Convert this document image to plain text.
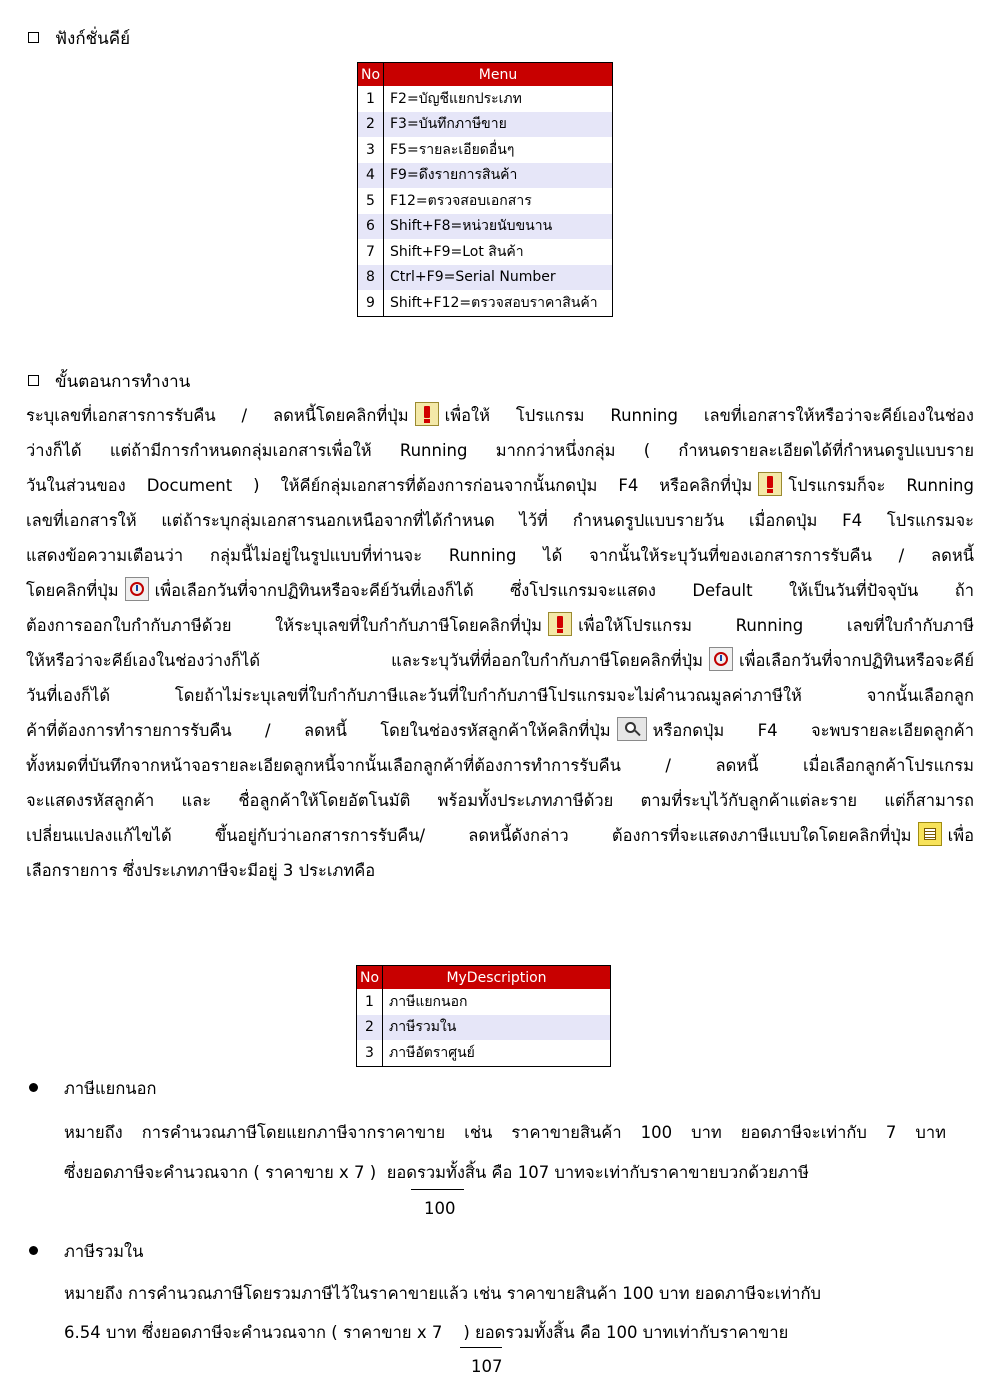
ฟังก์ชั่นคีย์
No	Menu
1	F2=บัญชีแยกประเภท
2	F3=บันทึกภาษีขาย
3	F5=รายละเอียดอื่นๆ
4	F9=ดึงรายการสินค้า
5	F12=ตรวจสอบเอกสาร
6	Shift+F8=หน่วยนับขนาน
7	Shift+F9=Lot สินค้า
8	Ctrl+F9=Serial Number
9	Shift+F12=ตรวจสอบราคาสินค้า
ขั้นตอนการทำงาน
ระบุเลขที่เอกสารการรับคืน / ลดหนี้โดยคลิกที่ปุ่ม เพื่อให้ โปรแกรม Running เลขที่เอกสารให้หรือว่าจะคีย์เองในช่อง
ว่างก็ได้ แต่ถ้ามีการกำหนดกลุ่มเอกสารเพื่อให้ Running มากกว่าหนึ่งกลุ่ม ( กำหนดรายละเอียดได้ที่กำหนดรูปแบบราย
วันในส่วนของ Document ) ให้คีย์กลุ่มเอกสารที่ต้องการก่อนจากนั้นกดปุ่ม F4 หรือคลิกที่ปุ่ม โปรแกรมก็จะ Running
เลขที่เอกสารให้ แต่ถ้าระบุกลุ่มเอกสารนอกเหนือจากที่ได้กำหนด ไว้ที่ กำหนดรูปแบบรายวัน เมื่อกดปุ่ม F4 โปรแกรมจะ
แสดงข้อความเตือนว่า กลุ่มนี้ไม่อยู่ในรูปแบบที่ท่านจะ Running ได้ จากนั้นให้ระบุวันที่ของเอกสารการรับคืน / ลดหนี้
โดยคลิกที่ปุ่ม เพื่อเลือกวันที่จากปฏิทินหรือจะคีย์วันที่เองก็ได้ ซึ่งโปรแกรมจะแสดง Default ให้เป็นวันที่ปัจจุบัน ถ้า
ต้องการออกใบกำกับภาษีด้วย ให้ระบุเลขที่ใบกำกับภาษีโดยคลิกที่ปุ่ม เพื่อให้โปรแกรม Running เลขที่ใบกำกับภาษี
ให้หรือว่าจะคีย์เองในช่องว่างก็ได้ และระบุวันที่ที่ออกใบกำกับภาษีโดยคลิกที่ปุ่ม เพื่อเลือกวันที่จากปฏิทินหรือจะคีย์
วันที่เองก็ได้ โดยถ้าไม่ระบุเลขที่ใบกำกับภาษีและวันที่ใบกำกับภาษีโปรแกรมจะไม่คำนวณมูลค่าภาษีให้ จากนั้นเลือกลูก
ค้าที่ต้องการทำรายการรับคืน / ลดหนี้ โดยในช่องรหัสลูกค้าให้คลิกที่ปุ่ม	หรือกดปุ่ม F4 จะพบรายละเอียดลูกค้า
ทั้งหมดที่บันทึกจากหน้าจอรายละเอียดลูกหนี้จากนั้นเลือกลูกค้าที่ต้องการทำการรับคืน / ลดหนี้ เมื่อเลือกลูกค้าโปรแกรม
จะแสดงรหัสลูกค้า และ ชื่อลูกค้าให้โดยอัตโนมัติ พร้อมทั้งประเภทภาษีด้วย ตามที่ระบุไว้กับลูกค้าแต่ละราย แต่ก็สามารถ
เปลี่ยนแปลงแก้ไขได้ ขึ้นอยู่กับว่าเอกสารการรับคืน/ ลดหนี้ดังกล่าว ต้องการที่จะแสดงภาษีแบบใดโดยคลิกที่ปุ่ม เพื่อ
เลือกรายการ ซึ่งประเภทภาษีจะมีอยู่ 3 ประเภทคือ
No	MyDescription
1	ภาษีแยกนอก
2	ภาษีรวมใน
3	ภาษีอัตราศูนย์
ภาษีแยกนอก
หมายถึง การคำนวณภาษีโดยแยกภาษีจากราคาขาย เช่น ราคาขายสินค้า 100 บาท ยอดภาษีจะเท่ากับ 7 บาท
ซึ่งยอดภาษีจะคำนวณจาก ( ราคาขาย x 7 ) ยอดรวมทั้งสิ้น คือ 107 บาทจะเท่ากับราคาขายบวกด้วยภาษี
100
ภาษีรวมใน
หมายถึง การคำนวณภาษีโดยรวมภาษีไว้ในราคาขายแล้ว เช่น ราคาขายสินค้า 100 บาท ยอดภาษีจะเท่ากับ
6.54 บาท ซึ่งยอดภาษีจะคำนวณจาก ( ราคาขาย x 7 ) ยอดรวมทั้งสิ้น คือ 100 บาทเท่ากับราคาขาย
107
